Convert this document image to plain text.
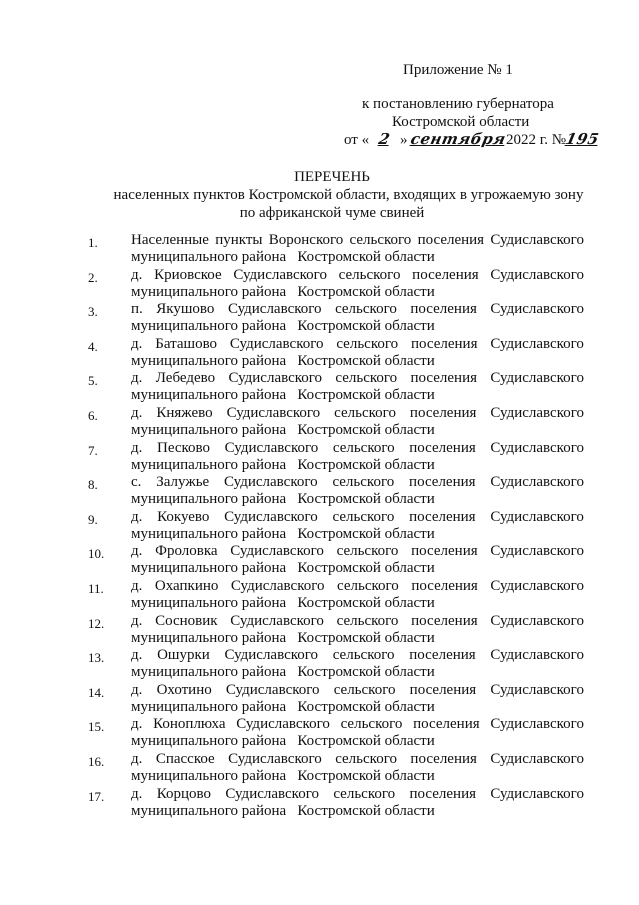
Приложение № 1
к постановлению губернатора
Костромской области
от « 2 » сентября2022 г. №195
ПЕРЕЧЕНЬ
населенных пунктов Костромской области, входящих в угрожаемую зону
по африканской чуме свиней
1.	Населенные пункты Воронского сельского поселения Судиславского
муниципального района   Костромской области
2.	д. Криовское Судиславского сельского поселения Судиславского
муниципального района   Костромской области
3.	п. Якушово Судиславского сельского поселения Судиславского
муниципального района   Костромской области
4.	д. Баташово Судиславского сельского поселения Судиславского
муниципального района   Костромской области
5.	д. Лебедево Судиславского сельского поселения Судиславского
муниципального района   Костромской области
6.	д. Княжево Судиславского сельского поселения Судиславского
муниципального района   Костромской области
7.	д. Песково Судиславского сельского поселения Судиславского
муниципального района   Костромской области
8.	с. Залужье Судиславского сельского поселения Судиславского
муниципального района   Костромской области
9.	д. Кокуево Судиславского сельского поселения Судиславского
муниципального района   Костромской области
10.	д. Фроловка Судиславского сельского поселения Судиславского
муниципального района   Костромской области
11.	д. Охапкино Судиславского сельского поселения Судиславского
муниципального района   Костромской области
12.	д. Сосновик Судиславского сельского поселения Судиславского
муниципального района   Костромской области
13.	д. Ошурки Судиславского сельского поселения Судиславского
муниципального района   Костромской области
14.	д. Охотино Судиславского сельского поселения Судиславского
муниципального района   Костромской области
15.	д. Коноплюха Судиславского сельского поселения Судиславского
муниципального района   Костромской области
16.	д. Спасское Судиславского сельского поселения Судиславского
муниципального района   Костромской области
17.	д. Корцово Судиславского сельского поселения Судиславского
муниципального района   Костромской области
